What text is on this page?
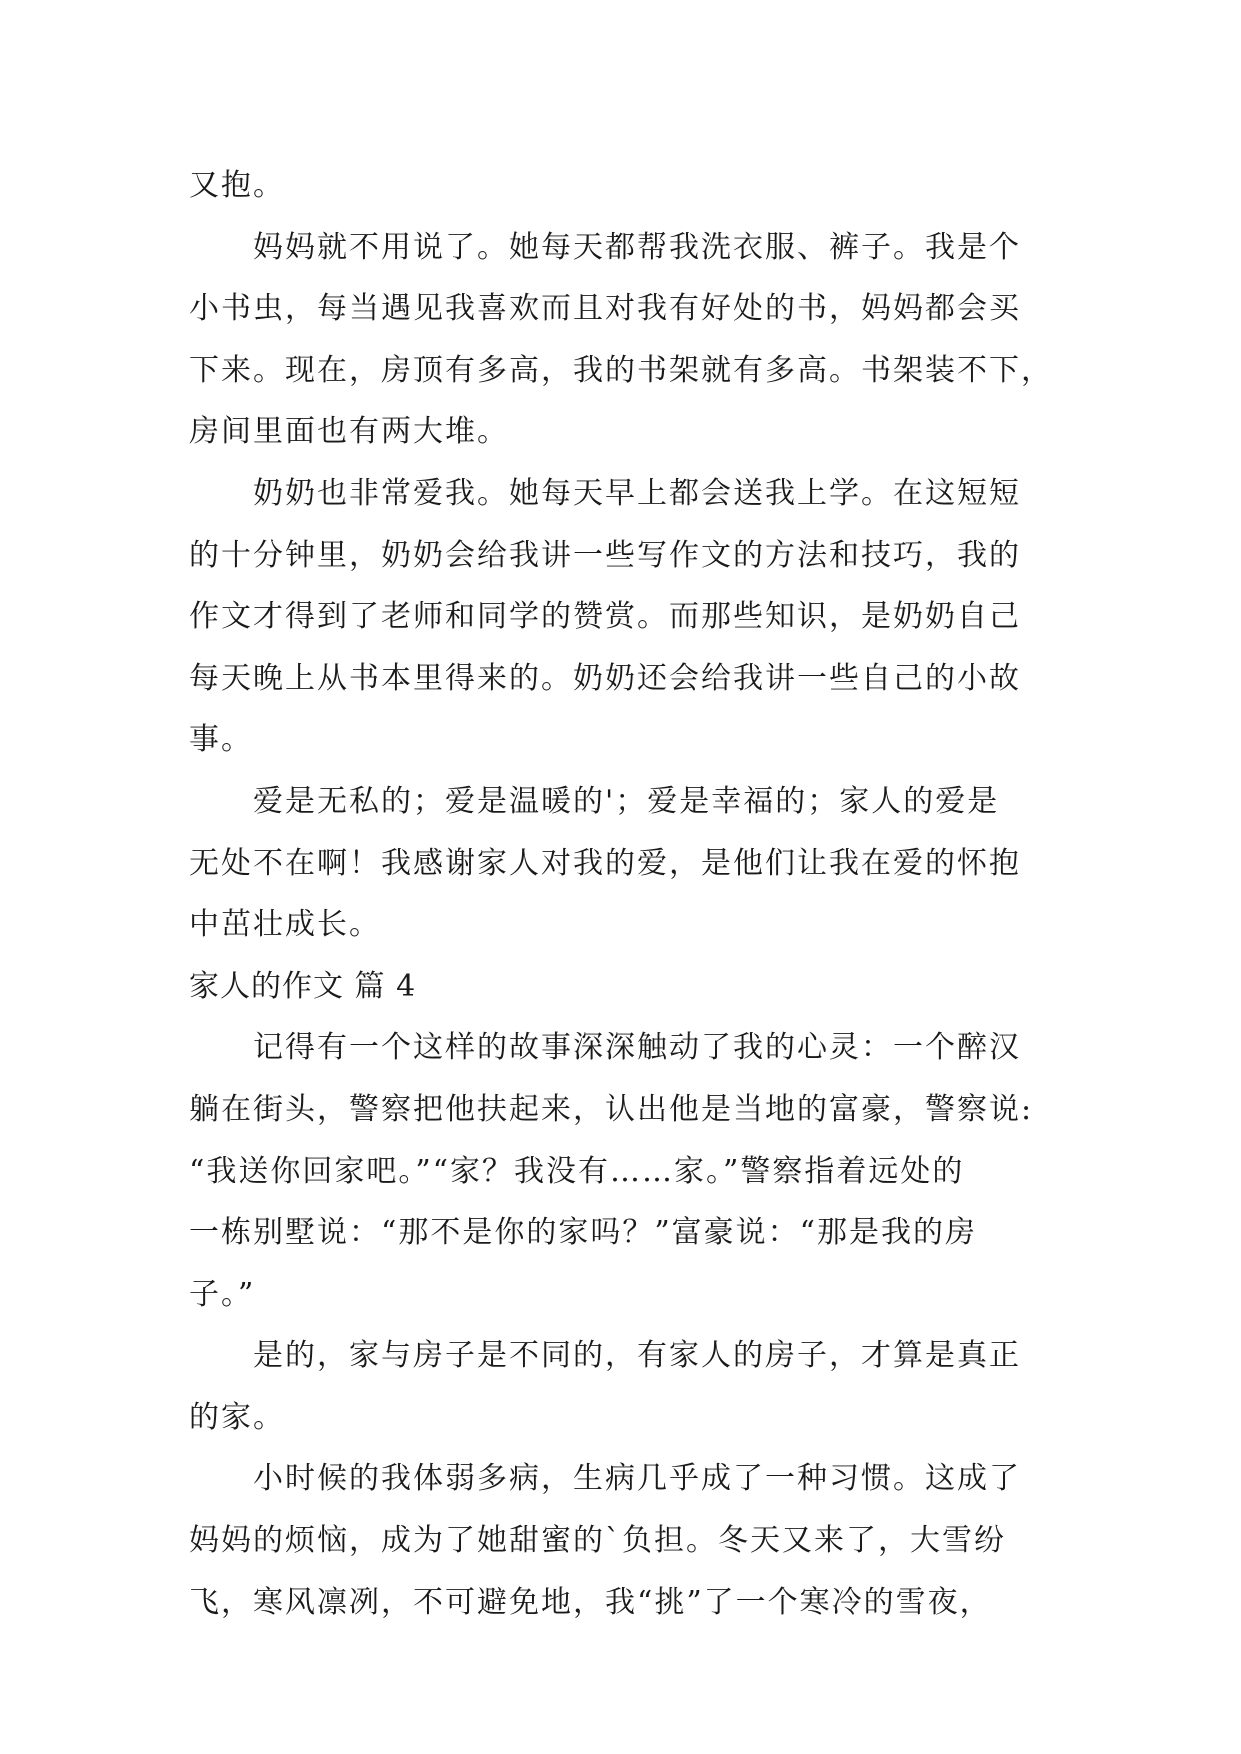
又抱。
妈妈就不用说了。她每天都帮我洗衣服、裤子。我是个
小书虫，每当遇见我喜欢而且对我有好处的书，妈妈都会买
下来。现在，房顶有多高，我的书架就有多高。书架装不下，
房间里面也有两大堆。
奶奶也非常爱我。她每天早上都会送我上学。在这短短
的十分钟里，奶奶会给我讲一些写作文的方法和技巧，我的
作文才得到了老师和同学的赞赏。而那些知识，是奶奶自己
每天晚上从书本里得来的。奶奶还会给我讲一些自己的小故
事。
爱是无私的；爱是温暖的'；爱是幸福的；家人的爱是
无处不在啊！我感谢家人对我的爱，是他们让我在爱的怀抱
中茁壮成长。
家人的作文 篇 4
记得有一个这样的故事深深触动了我的心灵：一个醉汉
躺在街头，警察把他扶起来，认出他是当地的富豪，警察说:
“我送你回家吧。”“家？我没有……家。”警察指着远处的
一栋别墅说：“那不是你的家吗？”富豪说：“那是我的房
子。”
是的，家与房子是不同的，有家人的房子，才算是真正
的家。
小时候的我体弱多病，生病几乎成了一种习惯。这成了
妈妈的烦恼，成为了她甜蜜的`负担。冬天又来了，大雪纷
飞，寒风凛冽，不可避免地，我“挑”了一个寒冷的雪夜，
